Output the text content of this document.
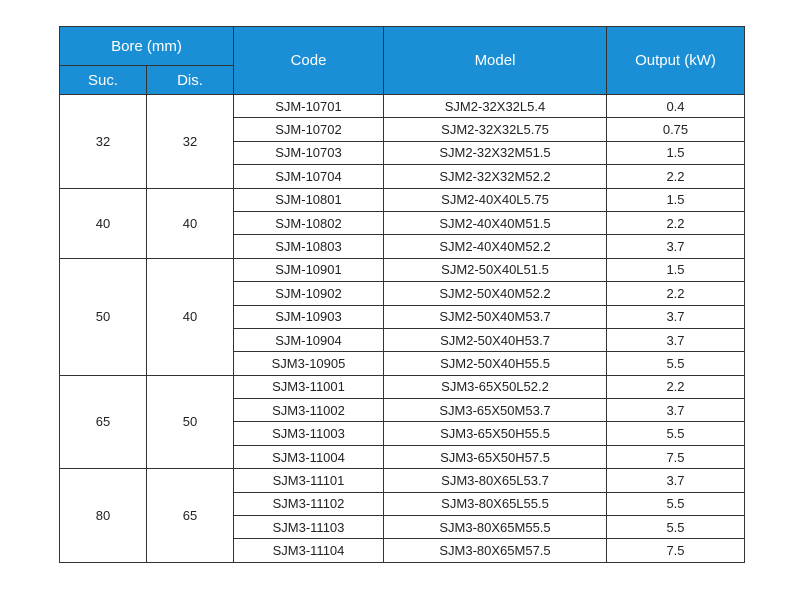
Bore (mm)		Code	Model	Output (kW)
Suc.	Dis.			
32	32	SJM-10701	SJM2-32X32L5.4	0.4
		SJM-10702	SJM2-32X32L5.75	0.75
		SJM-10703	SJM2-32X32M51.5	1.5
		SJM-10704	SJM2-32X32M52.2	2.2
40	40	SJM-10801	SJM2-40X40L5.75	1.5
		SJM-10802	SJM2-40X40M51.5	2.2
		SJM-10803	SJM2-40X40M52.2	3.7
50	40	SJM-10901	SJM2-50X40L51.5	1.5
		SJM-10902	SJM2-50X40M52.2	2.2
		SJM-10903	SJM2-50X40M53.7	3.7
		SJM-10904	SJM2-50X40H53.7	3.7
		SJM3-10905	SJM2-50X40H55.5	5.5
65	50	SJM3-11001	SJM3-65X50L52.2	2.2
		SJM3-11002	SJM3-65X50M53.7	3.7
		SJM3-11003	SJM3-65X50H55.5	5.5
		SJM3-11004	SJM3-65X50H57.5	7.5
80	65	SJM3-11101	SJM3-80X65L53.7	3.7
		SJM3-11102	SJM3-80X65L55.5	5.5
		SJM3-11103	SJM3-80X65M55.5	5.5
		SJM3-11104	SJM3-80X65M57.5	7.5
